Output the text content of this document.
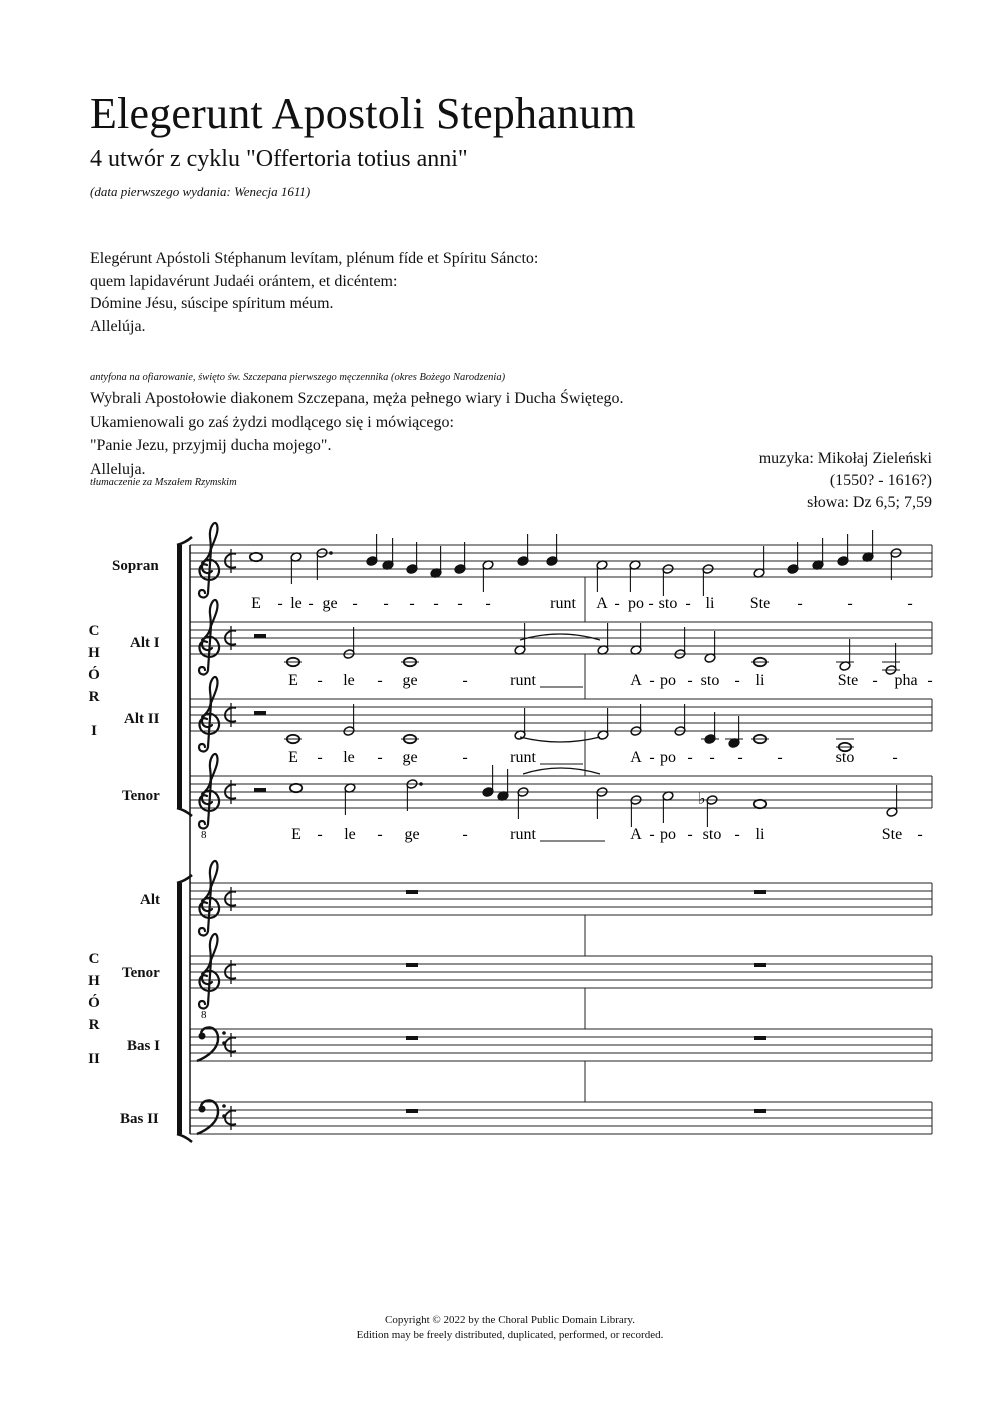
Elegerunt Apostoli Stephanum
4 utwór z cyklu "Offertoria totius anni"
(data pierwszego wydania: Wenecja 1611)
Elegérunt Apóstoli Stéphanum levítam, plénum fíde et Spíritu Sáncto:
quem lapidavérunt Judaéi orántem, et dicéntem:
Dómine Jésu, súscipe spíritum méum.
Allelúja.
antyfona na ofiarowanie, święto św. Szczepana pierwszego męczennika (okres Bożego Narodzenia)
Wybrali Apostołowie diakonem Szczepana, męża pełnego wiary i Ducha Świętego.
Ukamienowali go zaś żydzi modlącego się i mówiącego:
"Panie Jezu, przyjmij ducha mojego".
Alleluja.
tłumaczenie za Mszałem Rzymskim
muzyka: Mikołaj Zieleński
(1550? - 1616?)
słowa: Dz 6,5; 7,59
C
H
Ó
R
I
C
H
Ó
R
II
Sopran
Alt I
Alt II
Tenor
Alt
Tenor
Bas I
Bas II
8
8
♭
E - le - ge - - - - - -	runt A - po - sto - li Ste -	-	-
E - le - ge	-	runt	A - po - sto - li	Ste - pha -
E - le - ge	-	runt	A - po - - - -	sto -
E - le - ge	-	runt	A - po - sto - li	Ste -
Copyright © 2022 by the Choral Public Domain Library.
Edition may be freely distributed, duplicated, performed, or recorded.
